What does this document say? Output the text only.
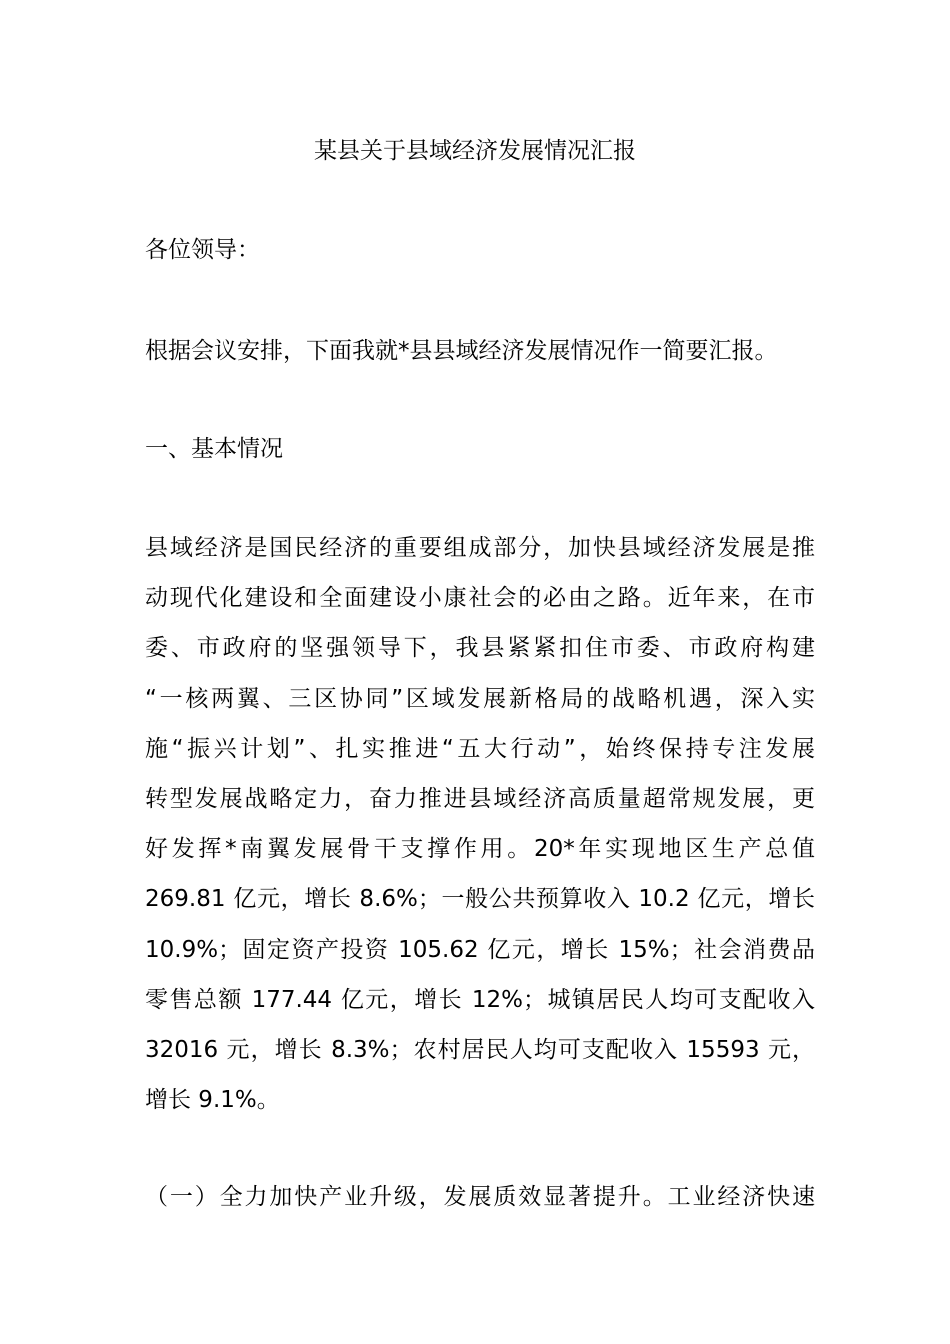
某县关于县域经济发展情况汇报

各位领导：

根据会议安排，下面我就*县县域经济发展情况作一简要汇报。

一、基本情况

县域经济是国民经济的重要组成部分，加快县域经济发展是推
动现代化建设和全面建设小康社会的必由之路。近年来，在市
委、市政府的坚强领导下，我县紧紧扣住市委、市政府构建
“一核两翼、三区协同”区域发展新格局的战略机遇，深入实
施“振兴计划”、扎实推进“五大行动”，始终保持专注发展
转型发展战略定力，奋力推进县域经济高质量超常规发展，更
好发挥*南翼发展骨干支撑作用。20*年实现地区生产总值
269.81 亿元，增长 8.6%；一般公共预算收入 10.2 亿元，增长
10.9%；固定资产投资 105.62 亿元，增长 15%；社会消费品
零售总额 177.44 亿元，增长 12%；城镇居民人均可支配收入
32016 元，增长 8.3%；农村居民人均可支配收入 15593 元，
增长 9.1%。
（一）全力加快产业升级，发展质效显著提升。工业经济快速
